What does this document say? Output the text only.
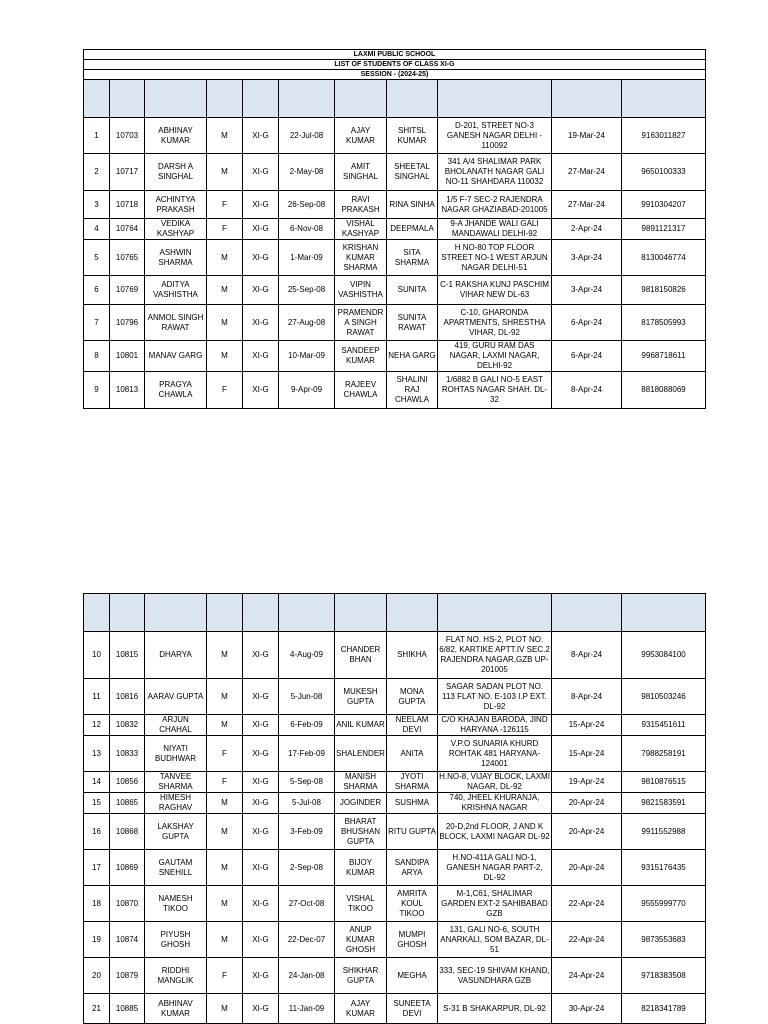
LAXMI PUBLIC SCHOOL										
LIST OF STUDENTS OF CLASS XI-G										
SESSION - (2024-25)										

1	10703	ABHINAY KUMAR	M	XI-G	22-Jul-08	AJAY KUMAR	SHITSL KUMAR	D-201, STREET NO-3 GANESH NAGAR DELHI - 110092	19-Mar-24	9163011827
2	10717	DARSH A SINGHAL	M	XI-G	2-May-08	AMIT SINGHAL	SHEETAL SINGHAL	341 A/4 SHALIMAR PARK BHOLANATH NAGAR GALI NO-11 SHAHDARA 110032	27-Mar-24	9650100333
3	10718	ACHINTYA PRAKASH	F	XI-G	26-Sep-08	RAVI PRAKASH	RINA SINHA	1/5 F-7 SEC-2 RAJENDRA NAGAR GHAZIABAD-201005	27-Mar-24	9910304207
4	10764	VEDIKA KASHYAP	F	XI-G	6-Nov-08	VISHAL KASHYAP	DEEPMALA	9-A JHANDE WALI GALI MANDAWALI DELHI-92	2-Apr-24	9891121317
5	10765	ASHWIN SHARMA	M	XI-G	1-Mar-09	KRISHAN KUMAR SHARMA	SITA SHARMA	H NO-80 TOP FLOOR STREET NO-1 WEST ARJUN NAGAR DELHI-51	3-Apr-24	8130046774
6	10769	ADITYA VASHISTHA	M	XI-G	25-Sep-08	VIPIN VASHISTHA	SUNITA	C-1 RAKSHA KUNJ PASCHIM VIHAR NEW DL-63	3-Apr-24	9818150826
7	10796	ANMOL SINGH RAWAT	M	XI-G	27-Aug-08	PRAMENDR A SINGH RAWAT	SUNITA RAWAT	C-10, GHARONDA APARTMENTS, SHRESTHA VIHAR, DL-92	6-Apr-24	8178505993
8	10801	MANAV GARG	M	XI-G	10-Mar-09	SANDEEP KUMAR	NEHA GARG	419, GURU RAM DAS NAGAR, LAXMI NAGAR, DELHI-92	6-Apr-24	9968718611
9	10813	PRAGYA CHAWLA	F	XI-G	9-Apr-09	RAJEEV CHAWLA	SHALINI RAJ CHAWLA	1/6882 B GALI NO-5 EAST ROHTAS NAGAR SHAH. DL-32	8-Apr-24	8818088069

10	10815	DHARYA	M	XI-G	4-Aug-09	CHANDER BHAN	SHIKHA	FLAT NO. HS-2, PLOT NO. 6/82, KARTIKE APTT.IV SEC.2 RAJENDRA NAGAR,GZB UP-201005	8-Apr-24	9953084100
11	10816	AARAV GUPTA	M	XI-G	5-Jun-08	MUKESH GUPTA	MONA GUPTA	SAGAR SADAN PLOT NO. 113 FLAT NO. E-103 I.P EXT. DL-92	8-Apr-24	9810503246
12	10832	ARJUN CHAHAL	M	XI-G	6-Feb-09	ANIL KUMAR	NEELAM DEVI	C/O KHAJAN BARODA, JIND HARYANA -126115	15-Apr-24	9315451611
13	10833	NIYATI BUDHWAR	F	XI-G	17-Feb-09	SHALENDER	ANITA	V.P.O SUNARIA KHURD ROHTAK 481 HARYANA-124001	15-Apr-24	7988258191
14	10856	TANVEE SHARMA	F	XI-G	5-Sep-08	MANISH SHARMA	JYOTI SHARMA	H.NO-8, VIJAY BLOCK, LAXMI NAGAR, DL-92	19-Apr-24	9810876515
15	10865	HIMESH RAGHAV	M	XI-G	5-Jul-08	JOGINDER	SUSHMA	740, JHEEL KHURANJA, KRISHNA NAGAR	20-Apr-24	9821583591
16	10868	LAKSHAY GUPTA	M	XI-G	3-Feb-09	BHARAT BHUSHAN GUPTA	RITU GUPTA	20-D,2nd FLOOR, J AND K BLOCK, LAXMI NAGAR DL-92	20-Apr-24	9911552988
17	10869	GAUTAM SNEHILL	M	XI-G	2-Sep-08	BIJOY KUMAR	SANDIPA ARYA	H.NO-411A GALI NO-1, GANESH NAGAR PART-2, DL-92	20-Apr-24	9315176435
18	10870	NAMESH TIKOO	M	XI-G	27-Oct-08	VISHAL TIKOO	AMRITA KOUL TIKOO	M-1,C61, SHALIMAR GARDEN EXT-2 SAHIBABAD GZB	22-Apr-24	9555999770
19	10874	PIYUSH GHOSH	M	XI-G	22-Dec-07	ANUP KUMAR GHOSH	MUMPI GHOSH	131, GALI NO-6, SOUTH ANARKALI, SOM BAZAR, DL-51	22-Apr-24	9873553683
20	10879	RIDDHI MANGLIK	F	XI-G	24-Jan-08	SHIKHAR GUPTA	MEGHA	333, SEC-19 SHIVAM KHAND, VASUNDHARA GZB	24-Apr-24	9718383508
21	10885	ABHINAV KUMAR	M	XI-G	11-Jan-09	AJAY KUMAR	SUNEETA DEVI	S-31 B SHAKARPUR, DL-92	30-Apr-24	8218341789
